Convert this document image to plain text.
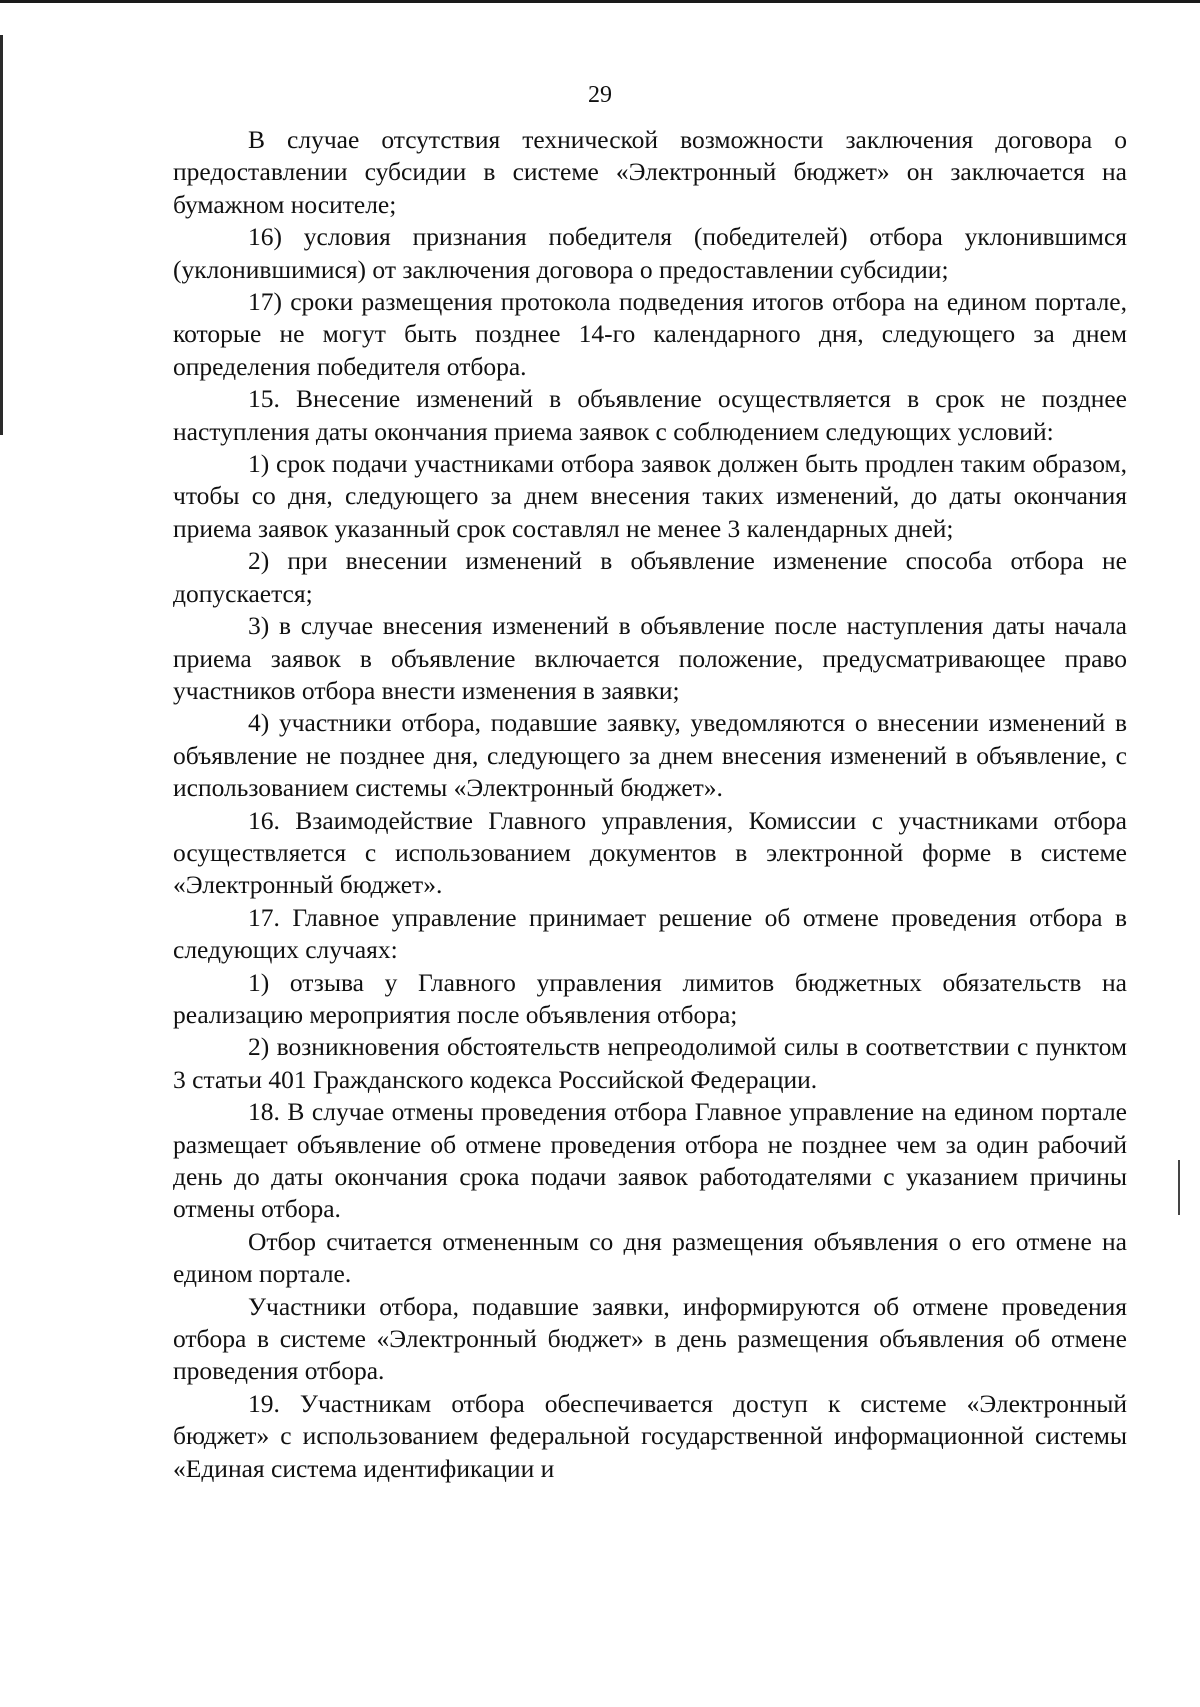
29

В случае отсутствия технической возможности заключения договора о предоставлении субсидии в системе «Электронный бюджет» он заключается на бумажном носителе;

16) условия признания победителя (победителей) отбора уклонившимся (уклонившимися) от заключения договора о предоставлении субсидии;

17) сроки размещения протокола подведения итогов отбора на едином портале, которые не могут быть позднее 14-го календарного дня, следующего за днем определения победителя отбора.

15. Внесение изменений в объявление осуществляется в срок не позднее наступления даты окончания приема заявок с соблюдением следующих условий:

1) срок подачи участниками отбора заявок должен быть продлен таким образом, чтобы со дня, следующего за днем внесения таких изменений, до даты окончания приема заявок указанный срок составлял не менее 3 календарных дней;

2) при внесении изменений в объявление изменение способа отбора не допускается;

3) в случае внесения изменений в объявление после наступления даты начала приема заявок в объявление включается положение, предусматривающее право участников отбора внести изменения в заявки;

4) участники отбора, подавшие заявку, уведомляются о внесении изменений в объявление не позднее дня, следующего за днем внесения изменений в объявление, с использованием системы «Электронный бюджет».

16. Взаимодействие Главного управления, Комиссии с участниками отбора осуществляется с использованием документов в электронной форме в системе «Электронный бюджет».

17. Главное управление принимает решение об отмене проведения отбора в следующих случаях:

1) отзыва у Главного управления лимитов бюджетных обязательств на реализацию мероприятия после объявления отбора;

2) возникновения обстоятельств непреодолимой силы в соответствии с пунктом 3 статьи 401 Гражданского кодекса Российской Федерации.

18. В случае отмены проведения отбора Главное управление на едином портале размещает объявление об отмене проведения отбора не позднее чем за один рабочий день до даты окончания срока подачи заявок работодателями с указанием причины отмены отбора.

Отбор считается отмененным со дня размещения объявления о его отмене на едином портале.

Участники отбора, подавшие заявки, информируются об отмене проведения отбора в системе «Электронный бюджет» в день размещения объявления об отмене проведения отбора.

19. Участникам отбора обеспечивается доступ к системе «Электронный бюджет» с использованием федеральной государственной информационной системы «Единая система идентификации и
